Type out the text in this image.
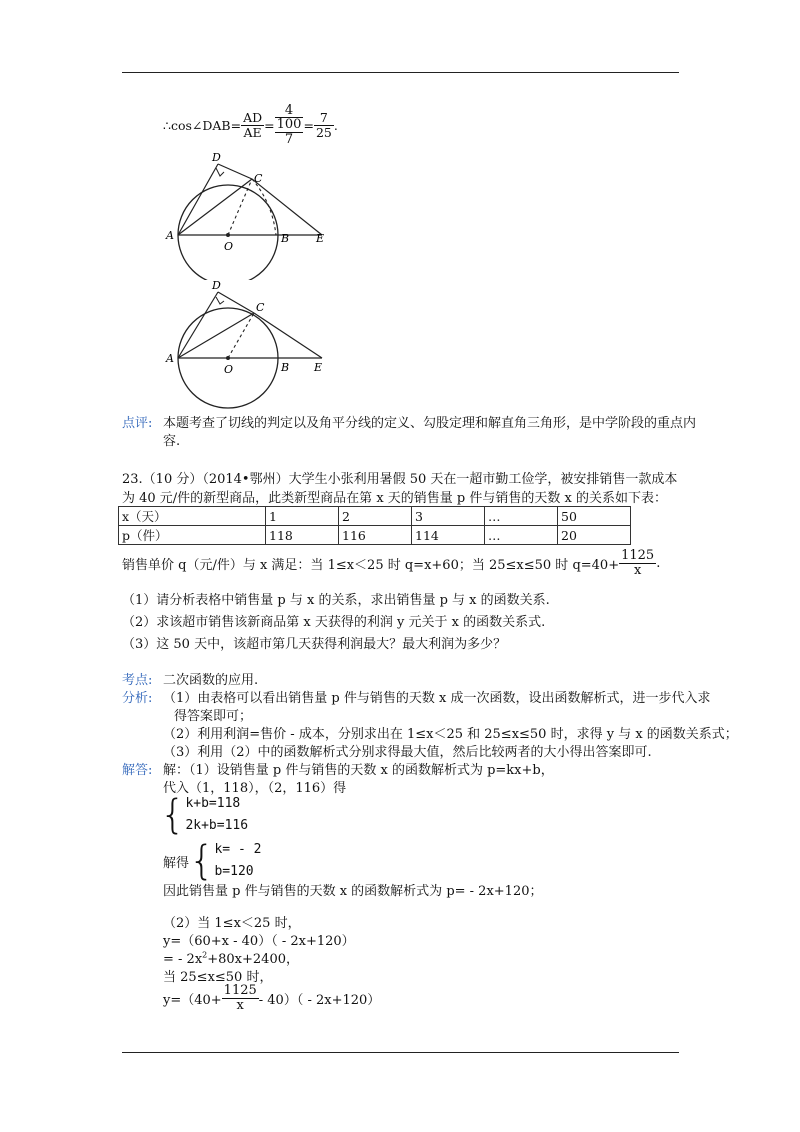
∴cos∠DAB= $\frac{AD}{AE}$ =
4
100
7
= $\frac{7}{25}$ .
D
C
A
O
B E
D
C
A
O	B E
点评: 本题考查了切线的判定以及角平分线的定义、勾股定理和解直角三角形，是中学阶段的重点内
容.
23.（10 分）（2014•鄂州）大学生小张利用暑假 50 天在一超市勤工俭学，被安排销售一款成本
为 40 元/件的新型商品，此类新型商品在第 x 天的销售量 p 件与销售的天数 x 的关系如下表：
x（天）	1	2	3	…	50
p（件）	118	116	114	…	20
销售单价 q（元/件）与 x 满足：当 1≤x＜25 时 q=x+60；当 25≤x≤50 时 $q=40+ \frac{1125}{x}$ .
（1）请分析表格中销售量 p 与 x 的关系，求出销售量 p 与 x 的函数关系.
（2）求该超市销售该新商品第 x 天获得的利润 y 元关于 x 的函数关系式.
（3）这 50 天中，该超市第几天获得利润最大？最大利润为多少？
考点: 二次函数的应用.
分析: （1）由表格可以看出销售量 p 件与销售的天数 x 成一次函数，设出函数解析式，进一步代入求
得答案即可；
（2）利用利润=售价 - 成本，分别求出在 1≤x＜25 和 25≤x≤50 时，求得 y 与 x 的函数关系式；
（3）利用（2）中的函数解析式分别求得最大值，然后比较两者的大小得出答案即可.
解答: 解：（1）设销售量 p 件与销售的天数 x 的函数解析式为 p=kx+b，
代入（1，118），（2，116）得
{ k+b=118
2k+b=116
解得 { k= - 2
b=120
因此销售量 p 件与销售的天数 x 的函数解析式为 p= - 2x+120；
（2）当 1≤x＜25 时，
y=（60+x - 40）（ - 2x+120）
= - $2x^2+80x+2400$，
当 25≤x≤50 时，
$y=(40+ \frac{1125}{x} - 40)( - 2x+120)$
